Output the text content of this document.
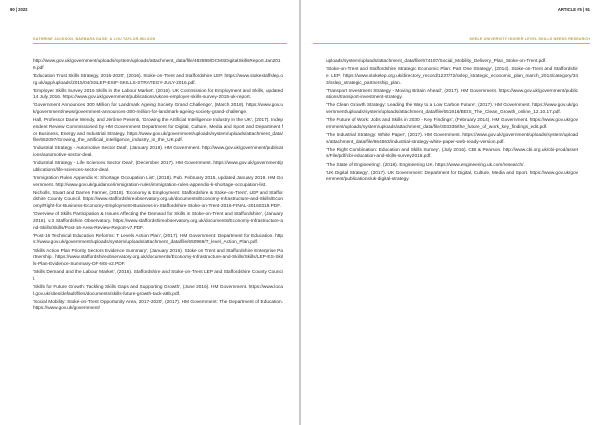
90 | 2022
KATHRINE JACKSON, BARBARA DAGE, & LOU TAYLOR-WILSON
http://www.gov.uk/government/uploads/system/uploads/attachment_data/file/482899/DCMSDigitalSkillsReport.Jan2016.pdf
'Education Trust Skills Strategy, 2016-2020', (2016). Stoke-on-Trent and Staffordshire LEP. https://www.stokestaffslep.org.uk/app/uploads/2015/04/SSLEP-ESIF-SKILLS-STRATEGY-JULY-2016.pdf.
'Employer Skills Survey 2015 Skills in the Labour Market', (2016). UK Commission for Employment and Skills, updated 14 July 2016. https://www.gov.uk/government/publications/ukces-employer-skills-survey-2015-uk-report.
'Government Announces 300 Million for Landmark Ageing Society Grand Challenge', (March 2018). https://www.gov.uk/government/news/government-announces-300-million-for-landmark-ageing-society-grand-challenge.
Hall, Professor Dame Wendy, and Jérôme Pesenti, 'Growing the Artificial Intelligence Industry in the UK', (2017). Independent Review Commissioned by HM Government Department for Digital, Culture, Media and Sport and Department for Business, Energy and Industrial Strategy. https://www.gov.uk/government/uploads/system/uploads/attachment_data/file/652097/Growing_the_artificial_intelligence_industry_in_the_UK.pdf.
'Industrial Strategy - Automotive Sector Deal', (January 2018). HM Government. http://www.gov.uk/government/publications/automotive-sector-deal.
'Industrial Strategy - Life Sciences Sector Deal', (December 2017). HM Government. https://www.gov.uk/government/publications/life-sciences-sector-deal.
'Immigration Rules Appendix K: Shortage Occupation List', (2018). Pub. February 2015, updated January 2019. HM Government. http://www.gov.uk/guidance/immigration-rules/immigration-rules-appendix-k-shortage-occupation-list.
Nicholls, Stuart and Darren Farmer, (2018). 'Economy & Employment: Staffordshire & Stoke-on-Trent', LEP and Staffordshire County Council. https://www.staffordshireobservatory.org.uk/documents/Economy-Infrastructure-and-Skills/Economy/Right-for-Business-Economy-Employment-Business-in-Staffordshire-Stoke-on-Trent-2016-FINAL-20160319.PDF.
'Overview of Skills Participation & Issues Affecting the Demand for Skills in Stoke-on-Trent and Staffordshire', (January 2016). v.3 Staffordshire Observatory. https://www.staffordshireobservatory.org.uk/documents/Economy-Infrastructure-and-Skills/Skills/Post-16-Area-Review-Report-v7.PDF.
'Post-16 Technical Education Reforms: T Levels Action Plan', (2017). HM Government: Department for Education. https://www.gov.uk/government/uploads/system/uploads/attachment_data/file/650969/T_level_Action_Plan.pdf.
'Skills Action Plan Priority Sectors Evidence Summary', (January 2016). Stoke on Trent and Staffordshire Enterprise Partnership. https://www.staffordshireobservatory.org.uk/documents/Economy-Infrastructure-and-Skills/Skills/LEP-ES-Skills-Plan-Evidence-Summary-DF-MS-v2.PDF.
'Skills Demand and the Labour Market', (2016). Staffordshire and Stoke-on-Trent LEP and Staffordshire County Council.
'Skills for Future Growth: Tackling Skills Gaps and Supporting Growth', (June 2016). HM Government. https://www.local.gov.uk/sites/default/files/documents/skills-future-growth-tack-a8b.pdf.
'Social Mobility: Stoke-on-Trent Opportunity Area, 2017-2020', (2017). HM Government: The Department of Education. https://www.gov.uk/government/
ARTICLE #5 | 91
KEELE UNIVERSITY HIGHER LEVEL SKILLS NEEDS RESEARCH
uploads/system/uploads/attachment_data/file/674187/Social_Mobility_Delivery_Plan_Stoke-on-Trent.pdf.
'Stoke-on-Trent and Staffordshire Strategic Economic Plan: Part One Strategy', (2014). Stoke-on-Trent and Staffordshire LEP. https://www.stokelep.org.uk/directory_record/1237/72/sslep_strategic_economic_plan_march_2014/category/343/sslep_strategic_partnership_plan.
'Transport Investment Strategy - Moving Britain Ahead', (2017). HM Government. https://www.gov.uk/government/publications/transport-investment-strategy.
'The Clean Growth Strategy: Leading the Way to a Low Carbon Future', (2017). HM Government. https://www.gov.uk/government/uploads/system/uploads/attachment_data/file/651916/BEIS_The_Clean_Growth_online_12.10.17.pdf.
'The Future of Work: Jobs and Skills in 2030 - Key Findings', (February 2014). HM Government. https://www.gov.uk/government/uploads/system/uploads/attachment_data/file/303335/the_future_of_work_key_findings_edit.pdf.
'The Industrial Strategy: White Paper', (2017). HM Government. https://www.gov.uk/government/uploads/system/uploads/attachment_data/file/664563/industrial-strategy-white-paper-web-ready-version.pdf.
'The Right Combination: Education and Skills Survey', (July 2016). CBI & Pearson. http://www.cbi.org.uk/cbi-prod/assets/File/pdf/cbi-education-and-skills-survey2016.pdf.
'The State of Engineering', (2018). Engineering UK. https://www.engineering.uk.com/research/.
'UK Digital Strategy', (2017). UK Government: Department for Digital, Culture, Media and Sport. https://www.gov.uk/government/publications/uk-digital-strategy.
